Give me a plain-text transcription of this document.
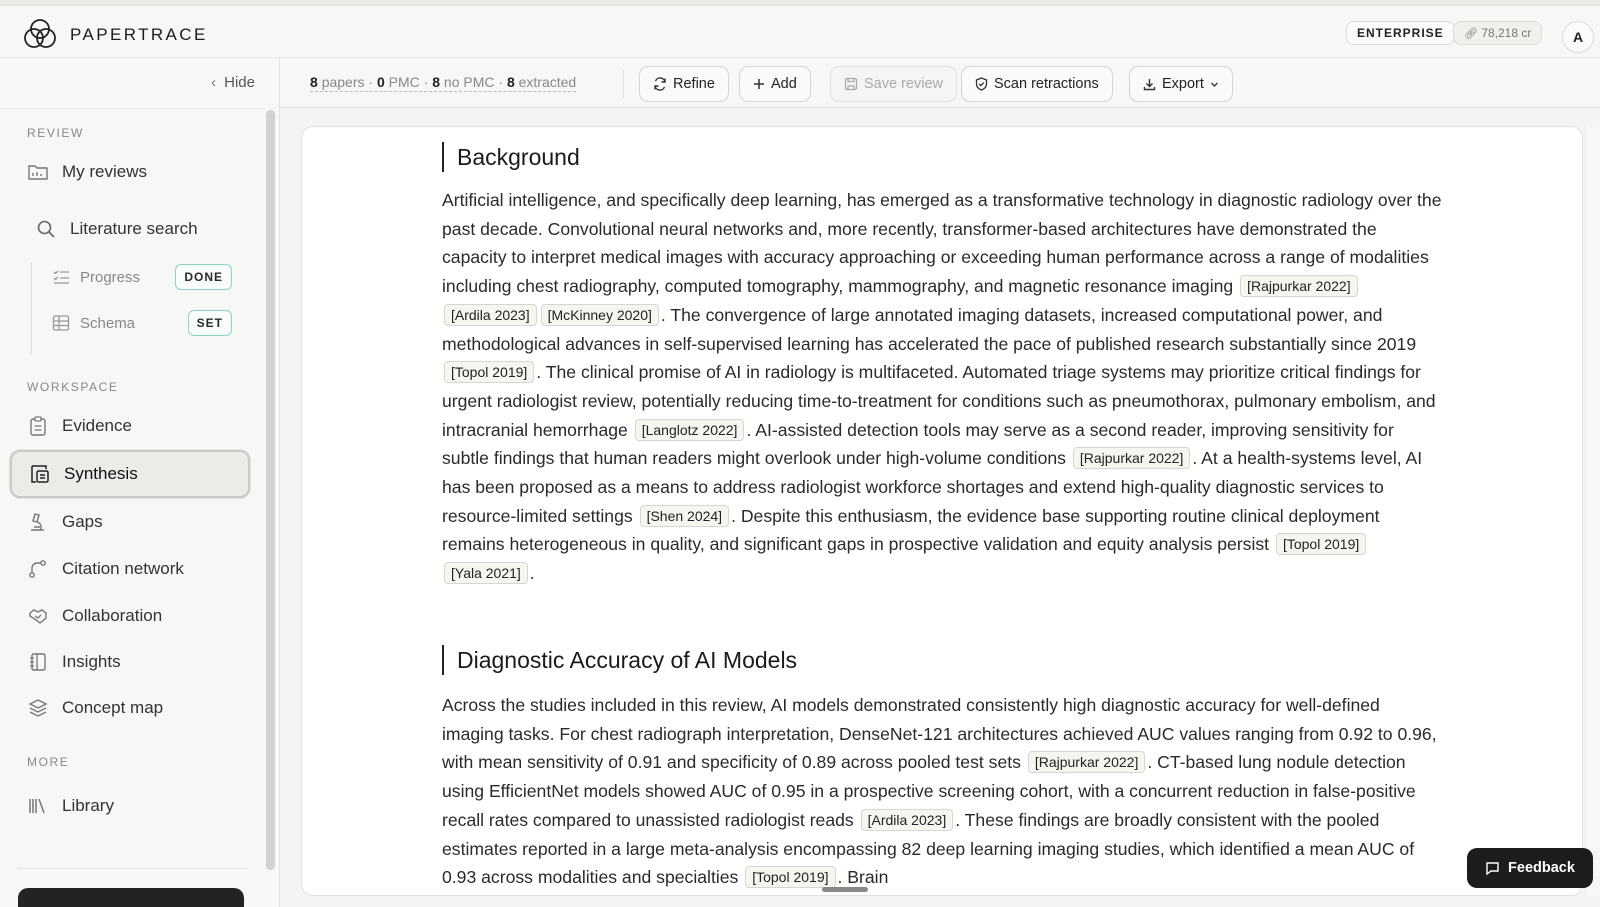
PAPERTRACE	ENTERPRISE	🔗︎ 78,218 cr	A
‹ Hide
REVIEW
My reviews
Literature search
Progress	DONE
Schema	SET
WORKSPACE
Evidence
Synthesis
Gaps
Citation network
Collaboration
Insights
Concept map
MORE
Library
8 papers · 0 PMC · 8 no PMC · 8 extracted	Refine	Add	Save review	Scan retractions	Export
Background

Artificial intelligence, and specifically deep learning, has emerged as a transformative technology in diagnostic radiology over the past decade. Convolutional neural networks and, more recently, transformer-based architectures have demonstrated the capacity to interpret medical images with accuracy approaching or exceeding human performance across a range of modalities including chest radiography, computed tomography, mammography, and magnetic resonance imaging [Rajpurkar 2022][Ardila 2023] [McKinney 2020] . The convergence of large annotated imaging datasets, increased computational power, and methodological advances in self-supervised learning has accelerated the pace of published research substantially since 2019 [Topol 2019] . The clinical promise of AI in radiology is multifaceted. Automated triage systems may prioritize critical findings for urgent radiologist review, potentially reducing time-to-treatment for conditions such as pneumothorax, pulmonary embolism, and intracranial hemorrhage [Langlotz 2022] . AI-assisted detection tools may serve as a second reader, improving sensitivity for subtle findings that human readers might overlook under high-volume conditions [Rajpurkar 2022] . At a health-systems level, AI has been proposed as a means to address radiologist workforce shortages and extend high-quality diagnostic services to resource-limited settings [Shen 2024] . Despite this enthusiasm, the evidence base supporting routine clinical deployment remains heterogeneous in quality, and significant gaps in prospective validation and equity analysis persist [Topol 2019][Yala 2021] .

Diagnostic Accuracy of AI Models

Across the studies included in this review, AI models demonstrated consistently high diagnostic accuracy for well-defined imaging tasks. For chest radiograph interpretation, DenseNet-121 architectures achieved AUC values ranging from 0.92 to 0.96, with mean sensitivity of 0.91 and specificity of 0.89 across pooled test sets [Rajpurkar 2022] . CT-based lung nodule detection using EfficientNet models showed AUC of 0.95 in a prospective screening cohort, with a concurrent reduction in false-positive recall rates compared to unassisted radiologist reads [Ardila 2023] . These findings are broadly consistent with the pooled estimates reported in a large meta-analysis encompassing 82 deep learning imaging studies, which identified a mean AUC of 0.93 across modalities and specialties [Topol 2019] . Brain	Feedback
